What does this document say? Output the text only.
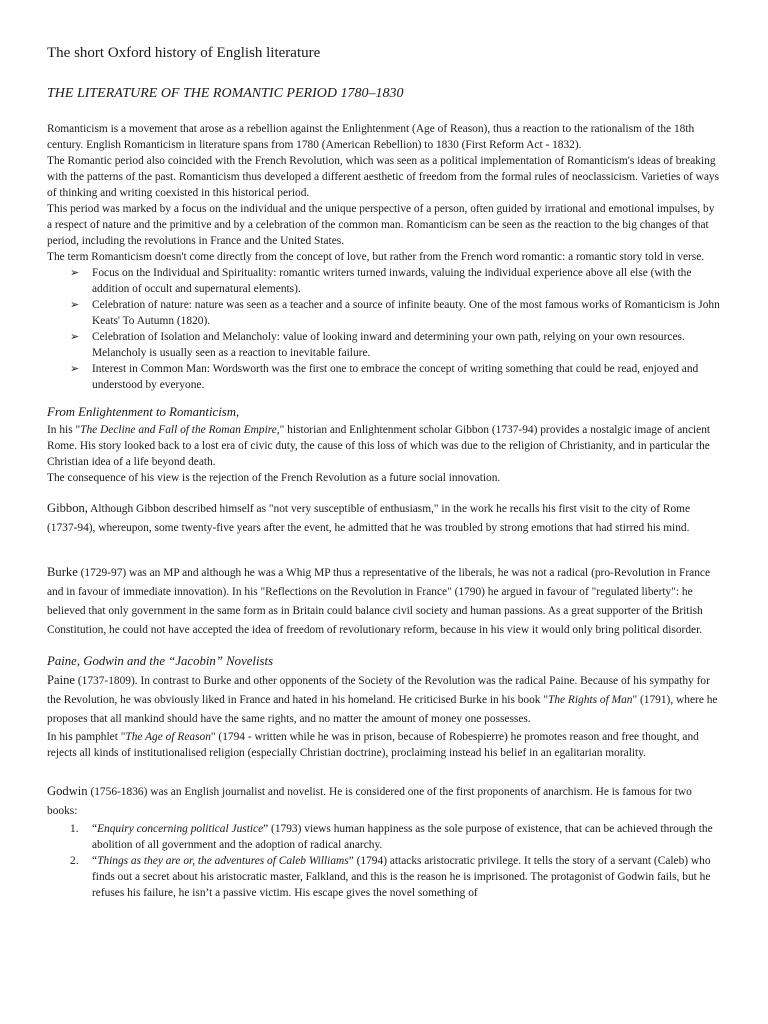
The short Oxford history of English literature
THE LITERATURE OF THE ROMANTIC PERIOD 1780–1830

Romanticism is a movement that arose as a rebellion against the Enlightenment (Age of Reason), thus a reaction to the rationalism of the 18th century. English Romanticism in literature spans from 1780 (American Rebellion) to 1830 (First Reform Act - 1832).

The Romantic period also coincided with the French Revolution, which was seen as a political implementation of Romanticism's ideas of breaking with the patterns of the past. Romanticism thus developed a different aesthetic of freedom from the formal rules of neoclassicism. Varieties of ways of thinking and writing coexisted in this historical period.

This period was marked by a focus on the individual and the unique perspective of a person, often guided by irrational and emotional impulses, by a respect of nature and the primitive and by a celebration of the common man. Romanticism can be seen as the reaction to the big changes of that period, including the revolutions in France and the United States.

The term Romanticism doesn't come directly from the concept of love, but rather from the French word romantic: a romantic story told in verse.

➢	Focus on the Individual and Spirituality: romantic writers turned inwards, valuing the individual experience above all else (with the addition of occult and supernatural elements).
➢	Celebration of nature: nature was seen as a teacher and a source of infinite beauty. One of the most famous works of Romanticism is John Keats' To Autumn (1820).
➢	Celebration of Isolation and Melancholy: value of looking inward and determining your own path, relying on your own resources. Melancholy is usually seen as a reaction to inevitable failure.
➢	Interest in Common Man: Wordsworth was the first one to embrace the concept of writing something that could be read, enjoyed and understood by everyone.
From Enlightenment to Romanticism,

In his "The Decline and Fall of the Roman Empire," historian and Enlightenment scholar Gibbon (1737-94) provides a nostalgic image of ancient Rome. His story looked back to a lost era of civic duty, the cause of this loss of which was due to the religion of Christianity, and in particular the Christian idea of a life beyond death.

The consequence of his view is the rejection of the French Revolution as a future social innovation.

Gibbon, Although Gibbon described himself as "not very susceptible of enthusiasm," in the work he recalls his first visit to the city of Rome (1737-94), whereupon, some twenty-five years after the event, he admitted that he was troubled by strong emotions that had stirred his mind.

Burke (1729-97) was an MP and although he was a Whig MP thus a representative of the liberals, he was not a radical (pro-Revolution in France and in favour of immediate innovation). In his "Reflections on the Revolution in France" (1790) he argued in favour of "regulated liberty": he believed that only government in the same form as in Britain could balance civil society and human passions. As a great supporter of the British Constitution, he could not have accepted the idea of freedom of revolutionary reform, because in his view it would only bring political disorder.

Paine, Godwin and the “Jacobin” Novelists

Paine (1737-1809). In contrast to Burke and other opponents of the Society of the Revolution was the radical Paine. Because of his sympathy for the Revolution, he was obviously liked in France and hated in his homeland. He criticised Burke in his book "The Rights of Man" (1791), where he proposes that all mankind should have the same rights, and no matter the amount of money one possesses.

In his pamphlet "The Age of Reason" (1794 - written while he was in prison, because of Robespierre) he promotes reason and free thought, and rejects all kinds of institutionalised religion (especially Christian doctrine), proclaiming instead his belief in an egalitarian morality.

Godwin (1756-1836) was an English journalist and novelist. He is considered one of the first proponents of anarchism. He is famous for two books:

1.	“Enquiry concerning political Justice” (1793) views human happiness as the sole purpose of existence, that can be achieved through the abolition of all government and the adoption of radical anarchy.
2.	“Things as they are or, the adventures of Caleb Williams” (1794) attacks aristocratic privilege. It tells the story of a servant (Caleb) who finds out a secret about his aristocratic master, Falkland, and this is the reason he is imprisoned. The protagonist of Godwin fails, but he refuses his failure, he isn’t a passive victim. His escape gives the novel something of
